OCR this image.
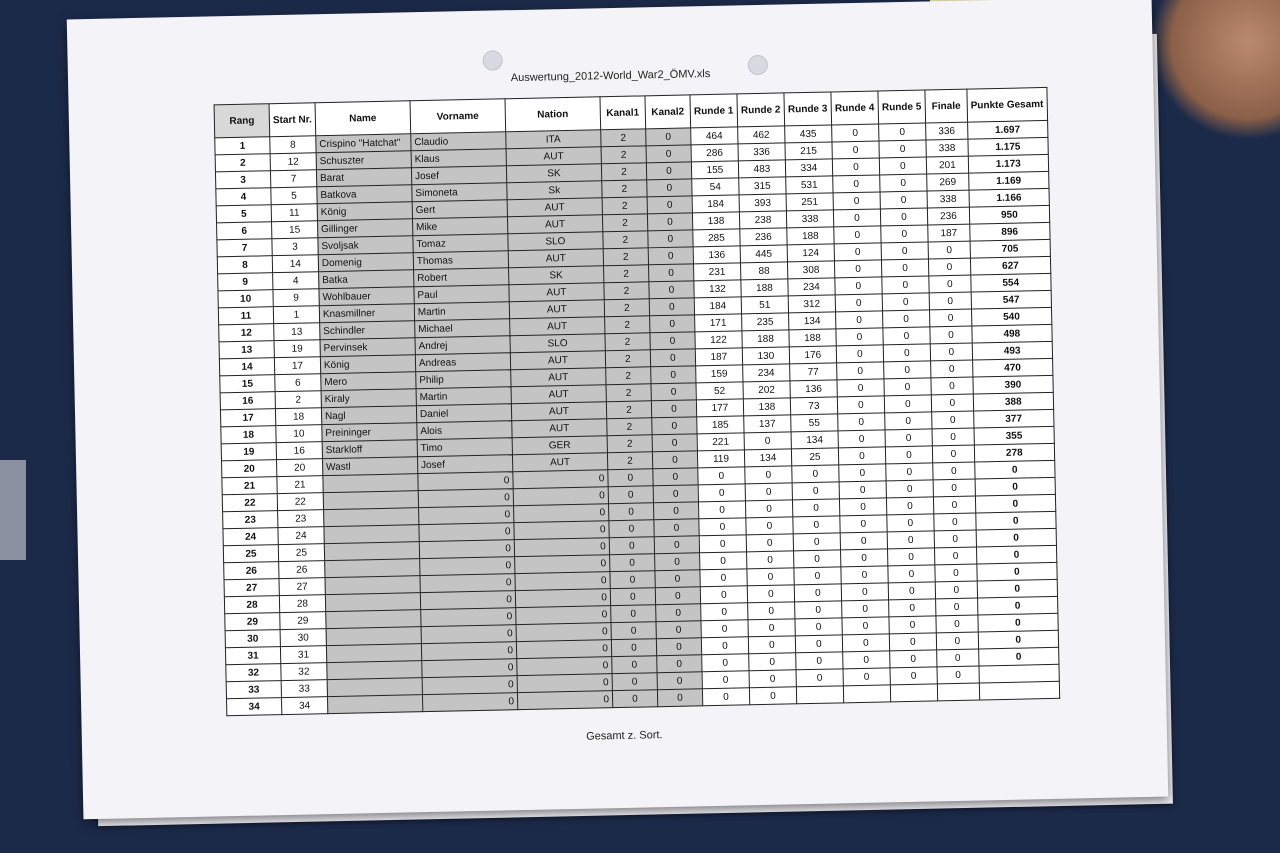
Auswertung_2012-World_War2_ÖMV.xls
Rang	Start Nr.	Name	Vorname	Nation	Kanal1	Kanal2	Runde 1	Runde 2	Runde 3	Runde 4	Runde 5	Finale	Punkte Gesamt
1	8	Crispino "Hatchat"	Claudio	ITA	2	0	464	462	435	0	0	336	1.697
2	12	Schuszter	Klaus	AUT	2	0	286	336	215	0	0	338	1.175
3	7	Barat	Josef	SK	2	0	155	483	334	0	0	201	1.173
4	5	Batkova	Simoneta	Sk	2	0	54	315	531	0	0	269	1.169
5	11	König	Gert	AUT	2	0	184	393	251	0	0	338	1.166
6	15	Gillinger	Mike	AUT	2	0	138	238	338	0	0	236	950
7	3	Svoljsak	Tomaz	SLO	2	0	285	236	188	0	0	187	896
8	14	Domenig	Thomas	AUT	2	0	136	445	124	0	0	0	705
9	4	Batka	Robert	SK	2	0	231	88	308	0	0	0	627
10	9	Wohlbauer	Paul	AUT	2	0	132	188	234	0	0	0	554
11	1	Knasmillner	Martin	AUT	2	0	184	51	312	0	0	0	547
12	13	Schindler	Michael	AUT	2	0	171	235	134	0	0	0	540
13	19	Pervinsek	Andrej	SLO	2	0	122	188	188	0	0	0	498
14	17	König	Andreas	AUT	2	0	187	130	176	0	0	0	493
15	6	Mero	Philip	AUT	2	0	159	234	77	0	0	0	470
16	2	Kiraly	Martin	AUT	2	0	52	202	136	0	0	0	390
17	18	Nagl	Daniel	AUT	2	0	177	138	73	0	0	0	388
18	10	Preininger	Alois	AUT	2	0	185	137	55	0	0	0	377
19	16	Starkloff	Timo	GER	2	0	221	0	134	0	0	0	355
20	20	Wastl	Josef	AUT	2	0	119	134	25	0	0	0	278
21	21		0	0	0	0	0	0	0	0	0	0	0
22	22		0	0	0	0	0	0	0	0	0	0	0
23	23		0	0	0	0	0	0	0	0	0	0	0
24	24		0	0	0	0	0	0	0	0	0	0	0
25	25		0	0	0	0	0	0	0	0	0	0	0
26	26		0	0	0	0	0	0	0	0	0	0	0
27	27		0	0	0	0	0	0	0	0	0	0	0
28	28		0	0	0	0	0	0	0	0	0	0	0
29	29		0	0	0	0	0	0	0	0	0	0	0
30	30		0	0	0	0	0	0	0	0	0	0	0
31	31		0	0	0	0	0	0	0	0	0	0	0
32	32		0	0	0	0	0	0	0	0	0	0	0
33	33		0	0	0	0	0	0	0	0	0	0	
34	34		0	0	0	0	0	0					
Gesamt z. Sort.
